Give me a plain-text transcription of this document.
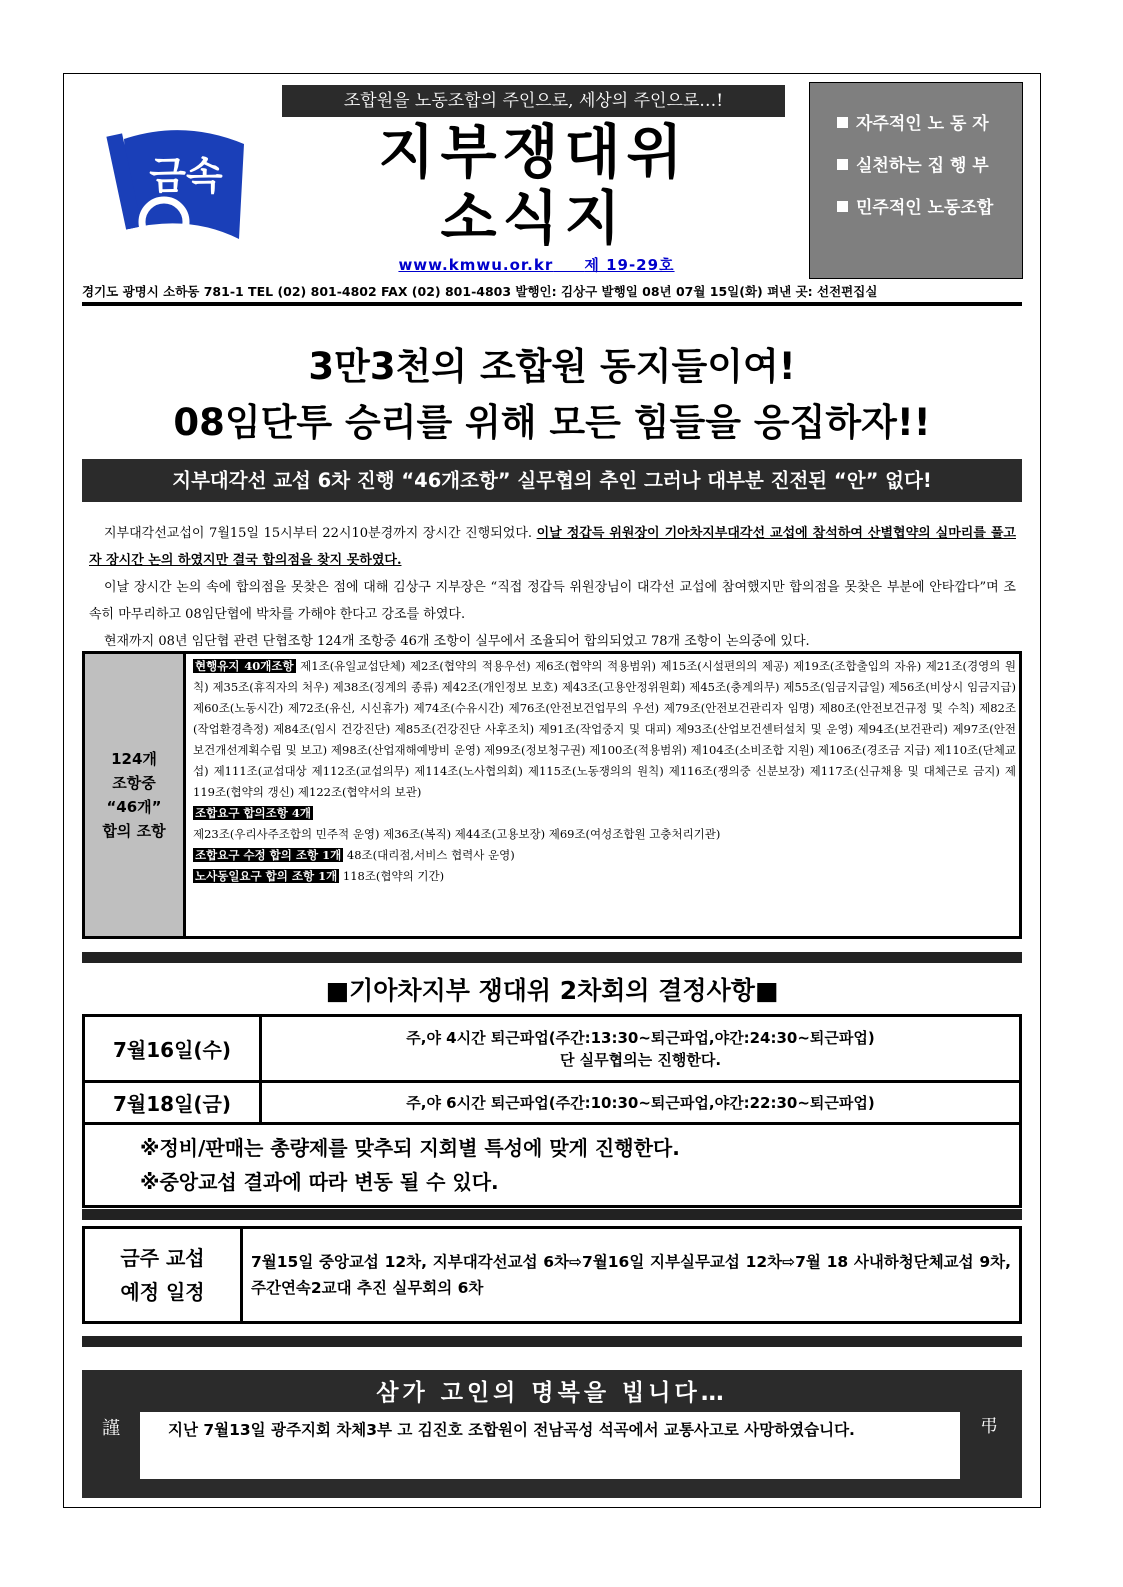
조합원을 노동조합의 주인으로, 세상의 주인으로…!
금속	지부쟁대위
소식지
www.kmwu.or.kr 제 19-29호
자주적인 노 동 자
실천하는 집 행 부
민주적인 노동조합
경기도 광명시 소하동 781-1 TEL (02) 801-4802 FAX (02) 801-4803 발행인: 김상구 발행일 08년 07월 15일(화) 펴낸 곳: 선전편집실
3만3천의 조합원 동지들이여!
08임단투 승리를 위해 모든 힘들을 응집하자!!
지부대각선 교섭 6차 진행 “46개조항” 실무협의 추인 그러나 대부분 진전된 “안” 없다!

지부대각선교섭이 7월15일 15시부터 22시10분경까지 장시간 진행되었다. 이날 정갑득 위원장이 기아차지부대각선 교섭에 참석하여 산별협약의 실마리를 풀고자 장시간 논의 하였지만 결국 합의점을 찾지 못하였다.

이날 장시간 논의 속에 합의점을 못찾은 점에 대해 김상구 지부장은 “직접 정갑득 위원장님이 대각선 교섭에 참여했지만 합의점을 못찾은 부분에 안타깝다”며 조속히 마무리하고 08임단협에 박차를 가해야 한다고 강조를 하였다.

현재까지 08년 임단협 관련 단협조항 124개 조항중 46개 조항이 실무에서 조율되어 합의되었고 78개 조항이 논의중에 있다.

124개
조항중
“46개”
합의 조항
현행유지 40개조항 제1조(유일교섭단체) 제2조(협약의 적용우선) 제6조(협약의 적용범위) 제15조(시설편의의 제공) 제19조(조합출입의 자유) 제21조(경영의 원칙) 제35조(휴직자의 처우) 제38조(징계의 종류) 제42조(개인정보 보호) 제43조(고용안정위원회) 제45조(충계의무) 제55조(임금지급일) 제56조(비상시 임금지급) 제60조(노동시간) 제72조(유신, 시신휴가) 제74조(수유시간) 제76조(안전보건업무의 우선) 제79조(안전보건관리자 임명) 제80조(안전보건규정 및 수칙) 제82조(작업환경측정) 제84조(임시 건강진단) 제85조(건강진단 사후조치) 제91조(작업중지 및 대피) 제93조(산업보건센터설치 및 운영) 제94조(보건관리) 제97조(안전보건개선계획수립 및 보고) 제98조(산업재해예방비 운영) 제99조(정보청구권) 제100조(적용범위) 제104조(소비조합 지원) 제106조(경조금 지급) 제110조(단체교섭) 제111조(교섭대상 제112조(교섭의무) 제114조(노사협의회) 제115조(노동쟁의의 원칙) 제116조(쟁의중 신분보장) 제117조(신규채용 및 대체근로 금지) 제119조(협약의 갱신) 제122조(협약서의 보관)
조합요구 합의조항 4개
제23조(우리사주조합의 민주적 운영) 제36조(복직) 제44조(고용보장) 제69조(여성조합원 고충처리기관)
조합요구 수정 합의 조항 1개 48조(대리점,서비스 협력사 운영)
노사동일요구 합의 조항 1개 118조(협약의 기간)
■기아차지부 쟁대위 2차회의 결정사항■
7월16일(수)	주,야 4시간 퇴근파업(주간:13:30~퇴근파업,야간:24:30~퇴근파업)
단 실무협의는 진행한다.

7월18일(금)	주,야 6시간 퇴근파업(주간:10:30~퇴근파업,야간:22:30~퇴근파업)

※정비/판매는 총량제를 맞추되 지회별 특성에 맞게 진행한다.
※중앙교섭 결과에 따라 변동 될 수 있다.	
금주 교섭
예정 일정
	7월15일 중앙교섭 12차, 지부대각선교섭 6차⇨7월16일 지부실무교섭 12차⇨7월 18 사내하청단체교섭 9차, 주간연속2교대 추진 실무회의 6차
삼가 고인의 명복을 빕니다…
謹	지난 7월13일 광주지회 차체3부 고 김진호 조합원이 전남곡성 석곡에서 교통사고로 사망하였습니다.	弔
